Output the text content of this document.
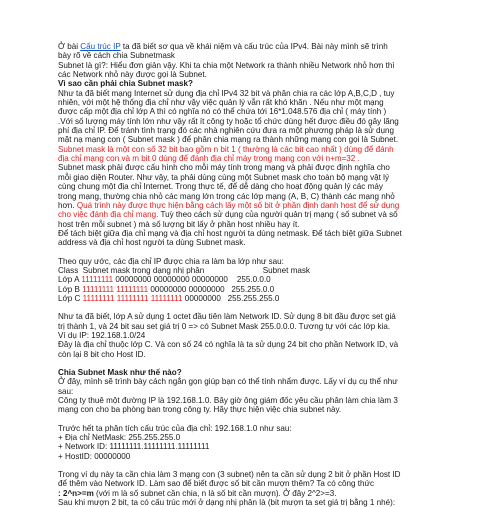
Ở bài Cấu trúc IP ta đã biết sơ qua về khái niệm và cấu trúc của IPv4. Bài này mình sẽ trình

bày rõ về cách chia Subnetmask

Subnet là gì?: Hiểu đơn giản vậy. Khi ta chia một Network ra thành nhiều Network nhỏ hơn thì

các Network nhỏ này được gọi là Subnet.

Vì sao cần phải chia Subnet mask?

Như ta đã biết mạng Internet sử dụng địa chỉ IPv4 32 bit và phân chia ra các lớp A,B,C,D , tuy

nhiên, với một hệ thống địa chỉ như vậy việc quản lý vẫn rất khó khăn . Nếu như một mạng

được cấp một địa chỉ lớp A thì có nghĩa nó có thể chứa tới 16*1.048.576 địa chỉ ( máy tính )

.Với số lượng máy tính lớn như vậy rất ít công ty hoặc tổ chức dùng hết được điều đó gây lãng

phí địa chỉ IP. Để tránh tình trạng đó các nhà nghiên cứu đưa ra một phương pháp là sử dụng

mặt nạ mạng con ( Subnet mask ) để phân chia mạng ra thành những mạng con gọi là Subnet.

Subnet mask là một con số 32 bit bao gồm n bit 1 ( thường là các bit cao nhất ) dùng để đánh

địa chỉ mạng con và m bit 0 dùng để đánh địa chỉ máy trong mạng con với n+m=32 .

Subnet mask phải được cấu hình cho mỗi máy tính trong mạng và phải được định nghĩa cho

mỗi giao diện Router. Như vậy, ta phải dùng cùng một Subnet mask cho toàn bộ mạng vật lý

cùng chung một địa chỉ Internet. Trong thực tế, để dễ dàng cho hoạt động quản lý các máy

trong mạng, thường chia nhỏ các mạng lớn trong các lớp mạng (A, B, C) thành các mạng nhỏ

hơn. Quá trình này được thực hiện bằng cách lấy một số bit ở phần định danh host để sử dụng

cho việc đánh địa chỉ mạng. Tuỳ theo cách sử dụng của người quản trị mạng ( số subnet và số

host trên mỗi subnet ) mà số lượng bit lấy ở phần host nhiều hay ít.

Để tách biệt giữa địa chỉ mạng và địa chỉ host người ta dùng netmask. Để tách biệt giữa Subnet

address và địa chỉ host người ta dùng Subnet mask.

Theo quy ước, các địa chỉ IP được chia ra làm ba lớp như sau:

Class  Subnet mask trong dạng nhị phân                          Subnet mask

Lớp A 11111111 00000000 00000000 00000000    255.0.0.0

Lớp B 11111111 11111111 00000000 00000000   255.255.0.0

Lớp C 11111111 11111111 11111111 00000000   255.255.255.0

Như ta đã biết, lớp A sử dụng 1 octet đầu tiên làm Network ID. Sử dụng 8 bit đầu được set giá

trị thành 1, và 24 bit sau set giá trị 0 => có Subnet Mask 255.0.0.0. Tương tự với các lớp kia.

Ví dụ IP: 192.168.1.0/24

Đây là địa chỉ thuộc lớp C. Và con số 24 có nghĩa là ta sử dụng 24 bit cho phần Network ID, và

còn lại 8 bit cho Host ID.

Chia Subnet Mask như thế nào?

Ở đây, mình sẽ trình bày cách ngắn gọn giúp bạn có thể tính nhẩm được. Lấy ví dụ cụ thể như

sau:

Công ty thuê một đường IP là 192.168.1.0. Bây giờ ông giám đốc yêu cầu phân làm chia làm 3

mạng con cho ba phòng ban trong công ty. Hãy thực hiện việc chia subnet này.

Trước hết ta phân tích cấu trúc của địa chỉ: 192.168.1.0 như sau:

+ Địa chỉ NetMask: 255.255.255.0

+ Network ID: 11111111.11111111.11111111

+ HostID: 00000000

Trong ví dụ này ta cần chia làm 3 mạng con (3 subnet) nên ta cần sử dụng 2 bit ở phần Host ID

để thêm vào Network ID. Làm sao để biết được số bit cần mượn thêm? Ta có công thức

: 2^n>=m (với m là số subnet cần chia, n là số bit cần mượn). Ở đây 2^2>=3.

Sau khi mượn 2 bit, ta có cấu trúc mới ở dạng nhị phân là (bit mượn ta set giá trị bằng 1 nhé):
